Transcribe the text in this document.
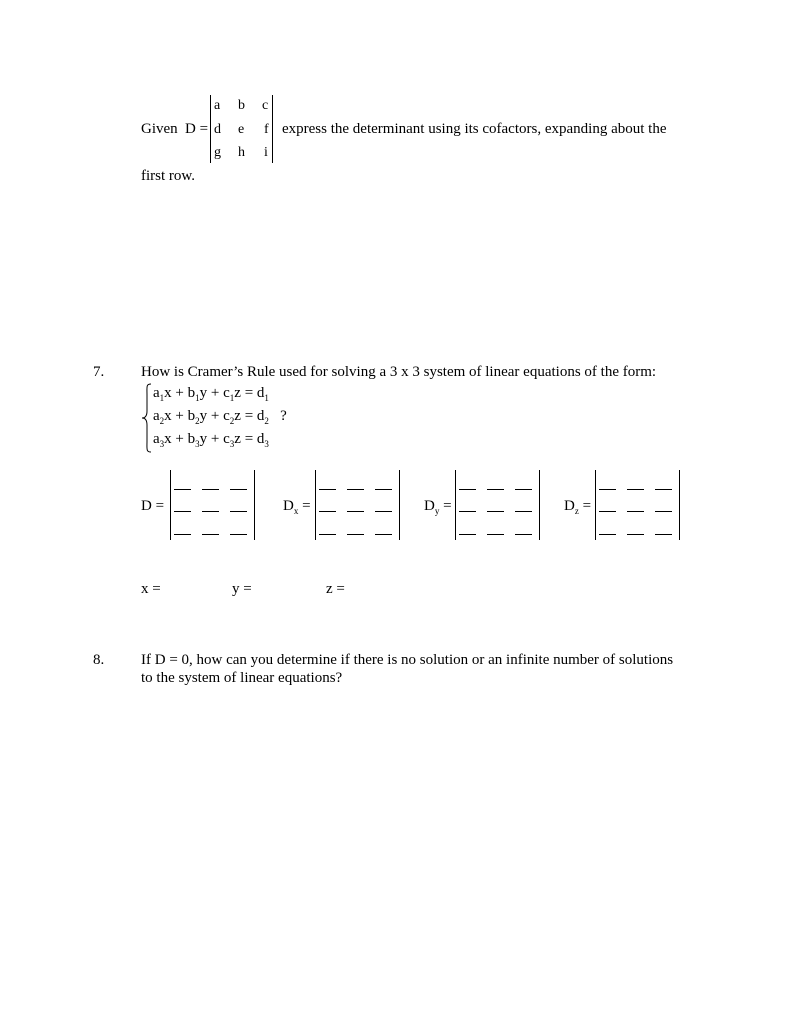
Given D =
a b c
d e f
g h i
express the determinant using its cofactors, expanding about the
first row.
7. How is Cramer’s Rule used for solving a 3 x 3 system of linear equations of the form:
$a_1x + b_1y + c_1z = d_1$
$a_2x + b_2y + c_2z = d_2$ ?
$a_3x + b_3y + c_3z = d_3$
D =	$D_x$ =	$D_y$ =	$D_z$ =
x =	y =	z =
8. If D = 0, how can you determine if there is no solution or an infinite number of solutions
to the system of linear equations?
